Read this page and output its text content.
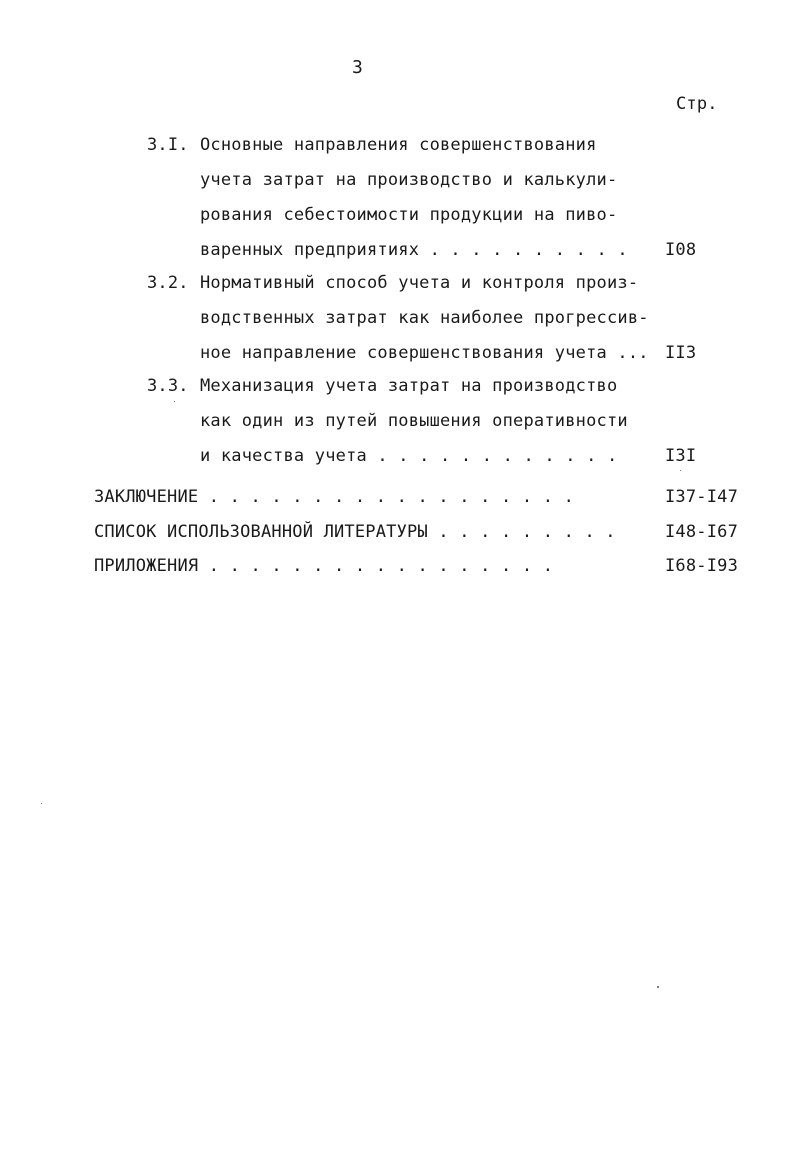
3
Стр.
3.I. Основные направления совершенствования
учета затрат на производство и калькули-
рования себестоимости продукции на пиво-
варенных предприятиях . . . . . . . . . . I08
3.2. Нормативный способ учета и контроля произ-
водственных затрат как наиболее прогрессив-
ное направление совершенствования учета ... II3
3.3. Механизация учета затрат на производство
как один из путей повышения оперативности
и качества учета . . . . . . . . . . . .	I3I
ЗАКЛЮЧЕНИЕ . . . . . . . . . . . . . . . . . .	I37-I47
СПИСОК ИСПОЛЬЗОВАННОЙ ЛИТЕРАТУРЫ . . . . . . . . .	I48-I67
ПРИЛОЖЕНИЯ . . . . . . . . . . . . . . . . .	I68-I93
